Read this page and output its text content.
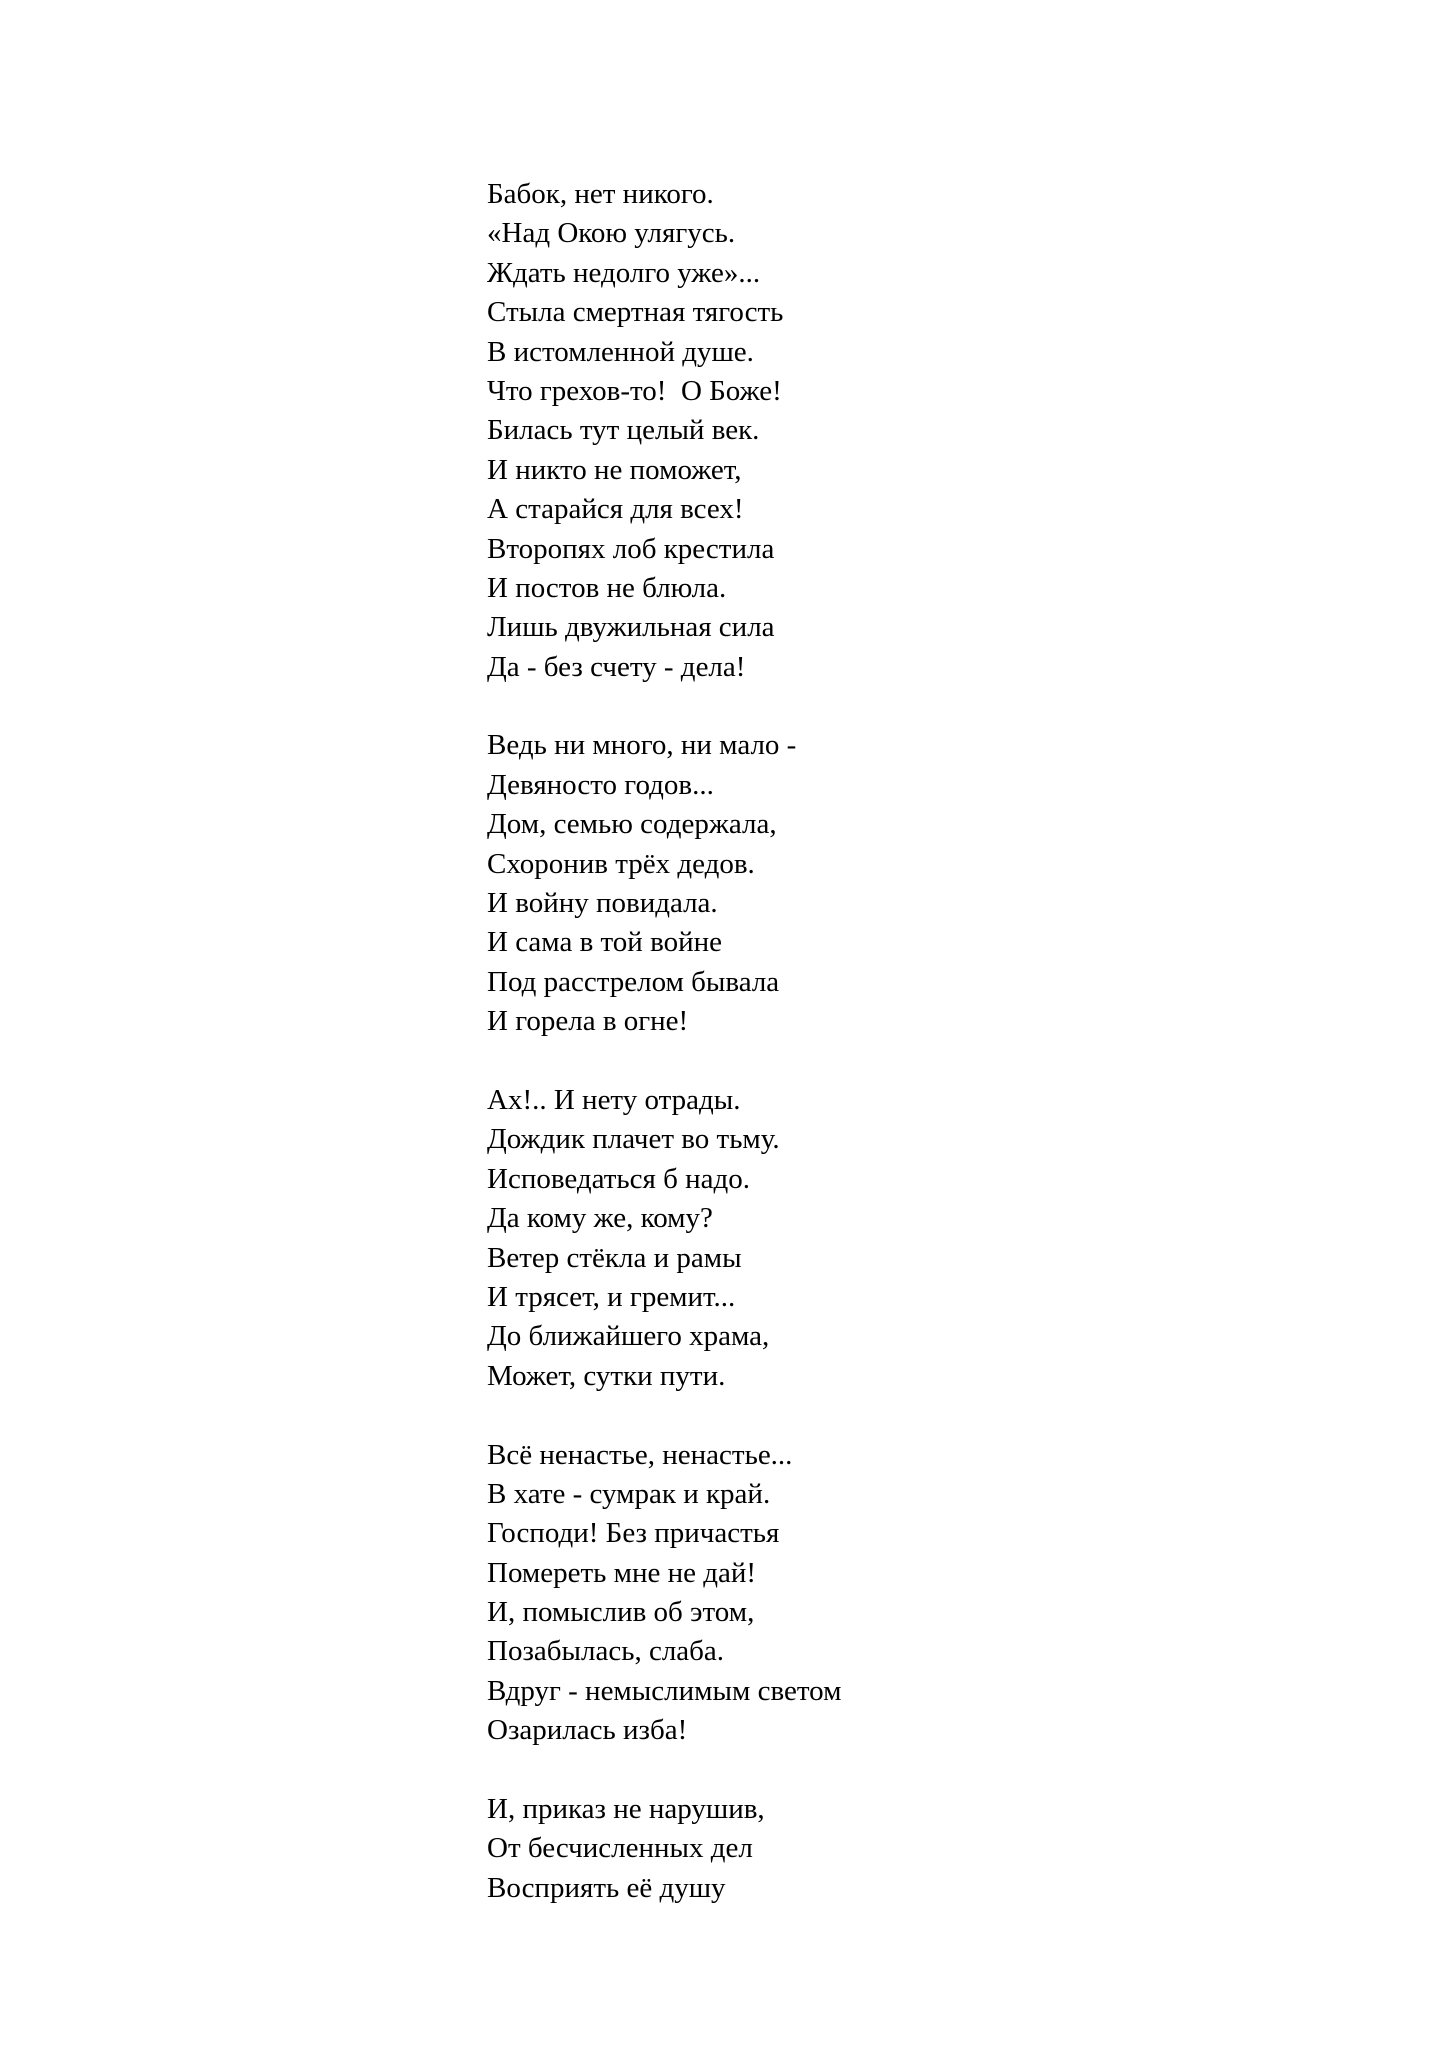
Бабок, нет никого.
«Над Окою улягусь.
Ждать недолго уже»...
Стыла смертная тягость
В истомленной душе.
Что грехов-то!  О Боже!
Билась тут целый век.
И никто не поможет,
А старайся для всех!
Второпях лоб крестила
И постов не блюла.
Лишь двужильная сила
Да - без счету - дела!
Ведь ни много, ни мало -
Девяносто годов...
Дом, семью содержала,
Схоронив трёх дедов.
И войну повидала.
И сама в той войне
Под расстрелом бывала
И горела в огне!
Ах!.. И нету отрады.
Дождик плачет во тьму.
Исповедаться б надо.
Да кому же, кому?
Ветер стёкла и рамы
И трясет, и гремит...
До ближайшего храма,
Может, сутки пути.
Всё ненастье, ненастье...
В хате - сумрак и край.
Господи! Без причастья
Помереть мне не дай!
И, помыслив об этом,
Позабылась, слаба.
Вдруг - немыслимым светом
Озарилась изба!
И, приказ не нарушив,
От бесчисленных дел
Восприять её душу
